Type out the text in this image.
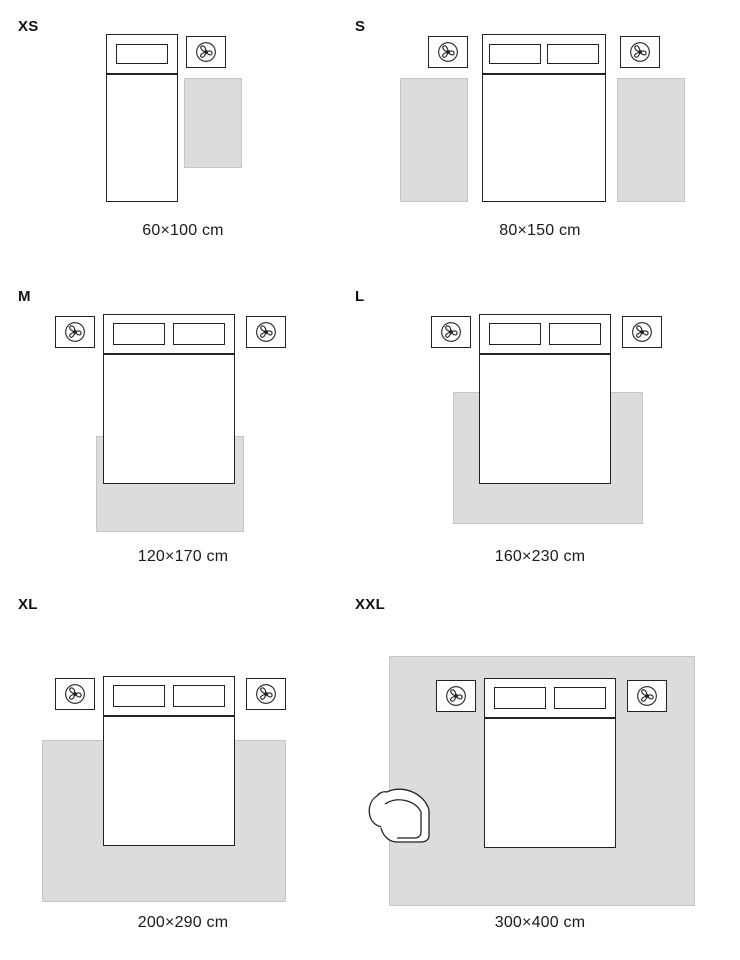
XS
60×100 cm
S
80×150 cm
M
120×170 cm
L
160×230 cm
XL
200×290 cm
XXL
300×400 cm
